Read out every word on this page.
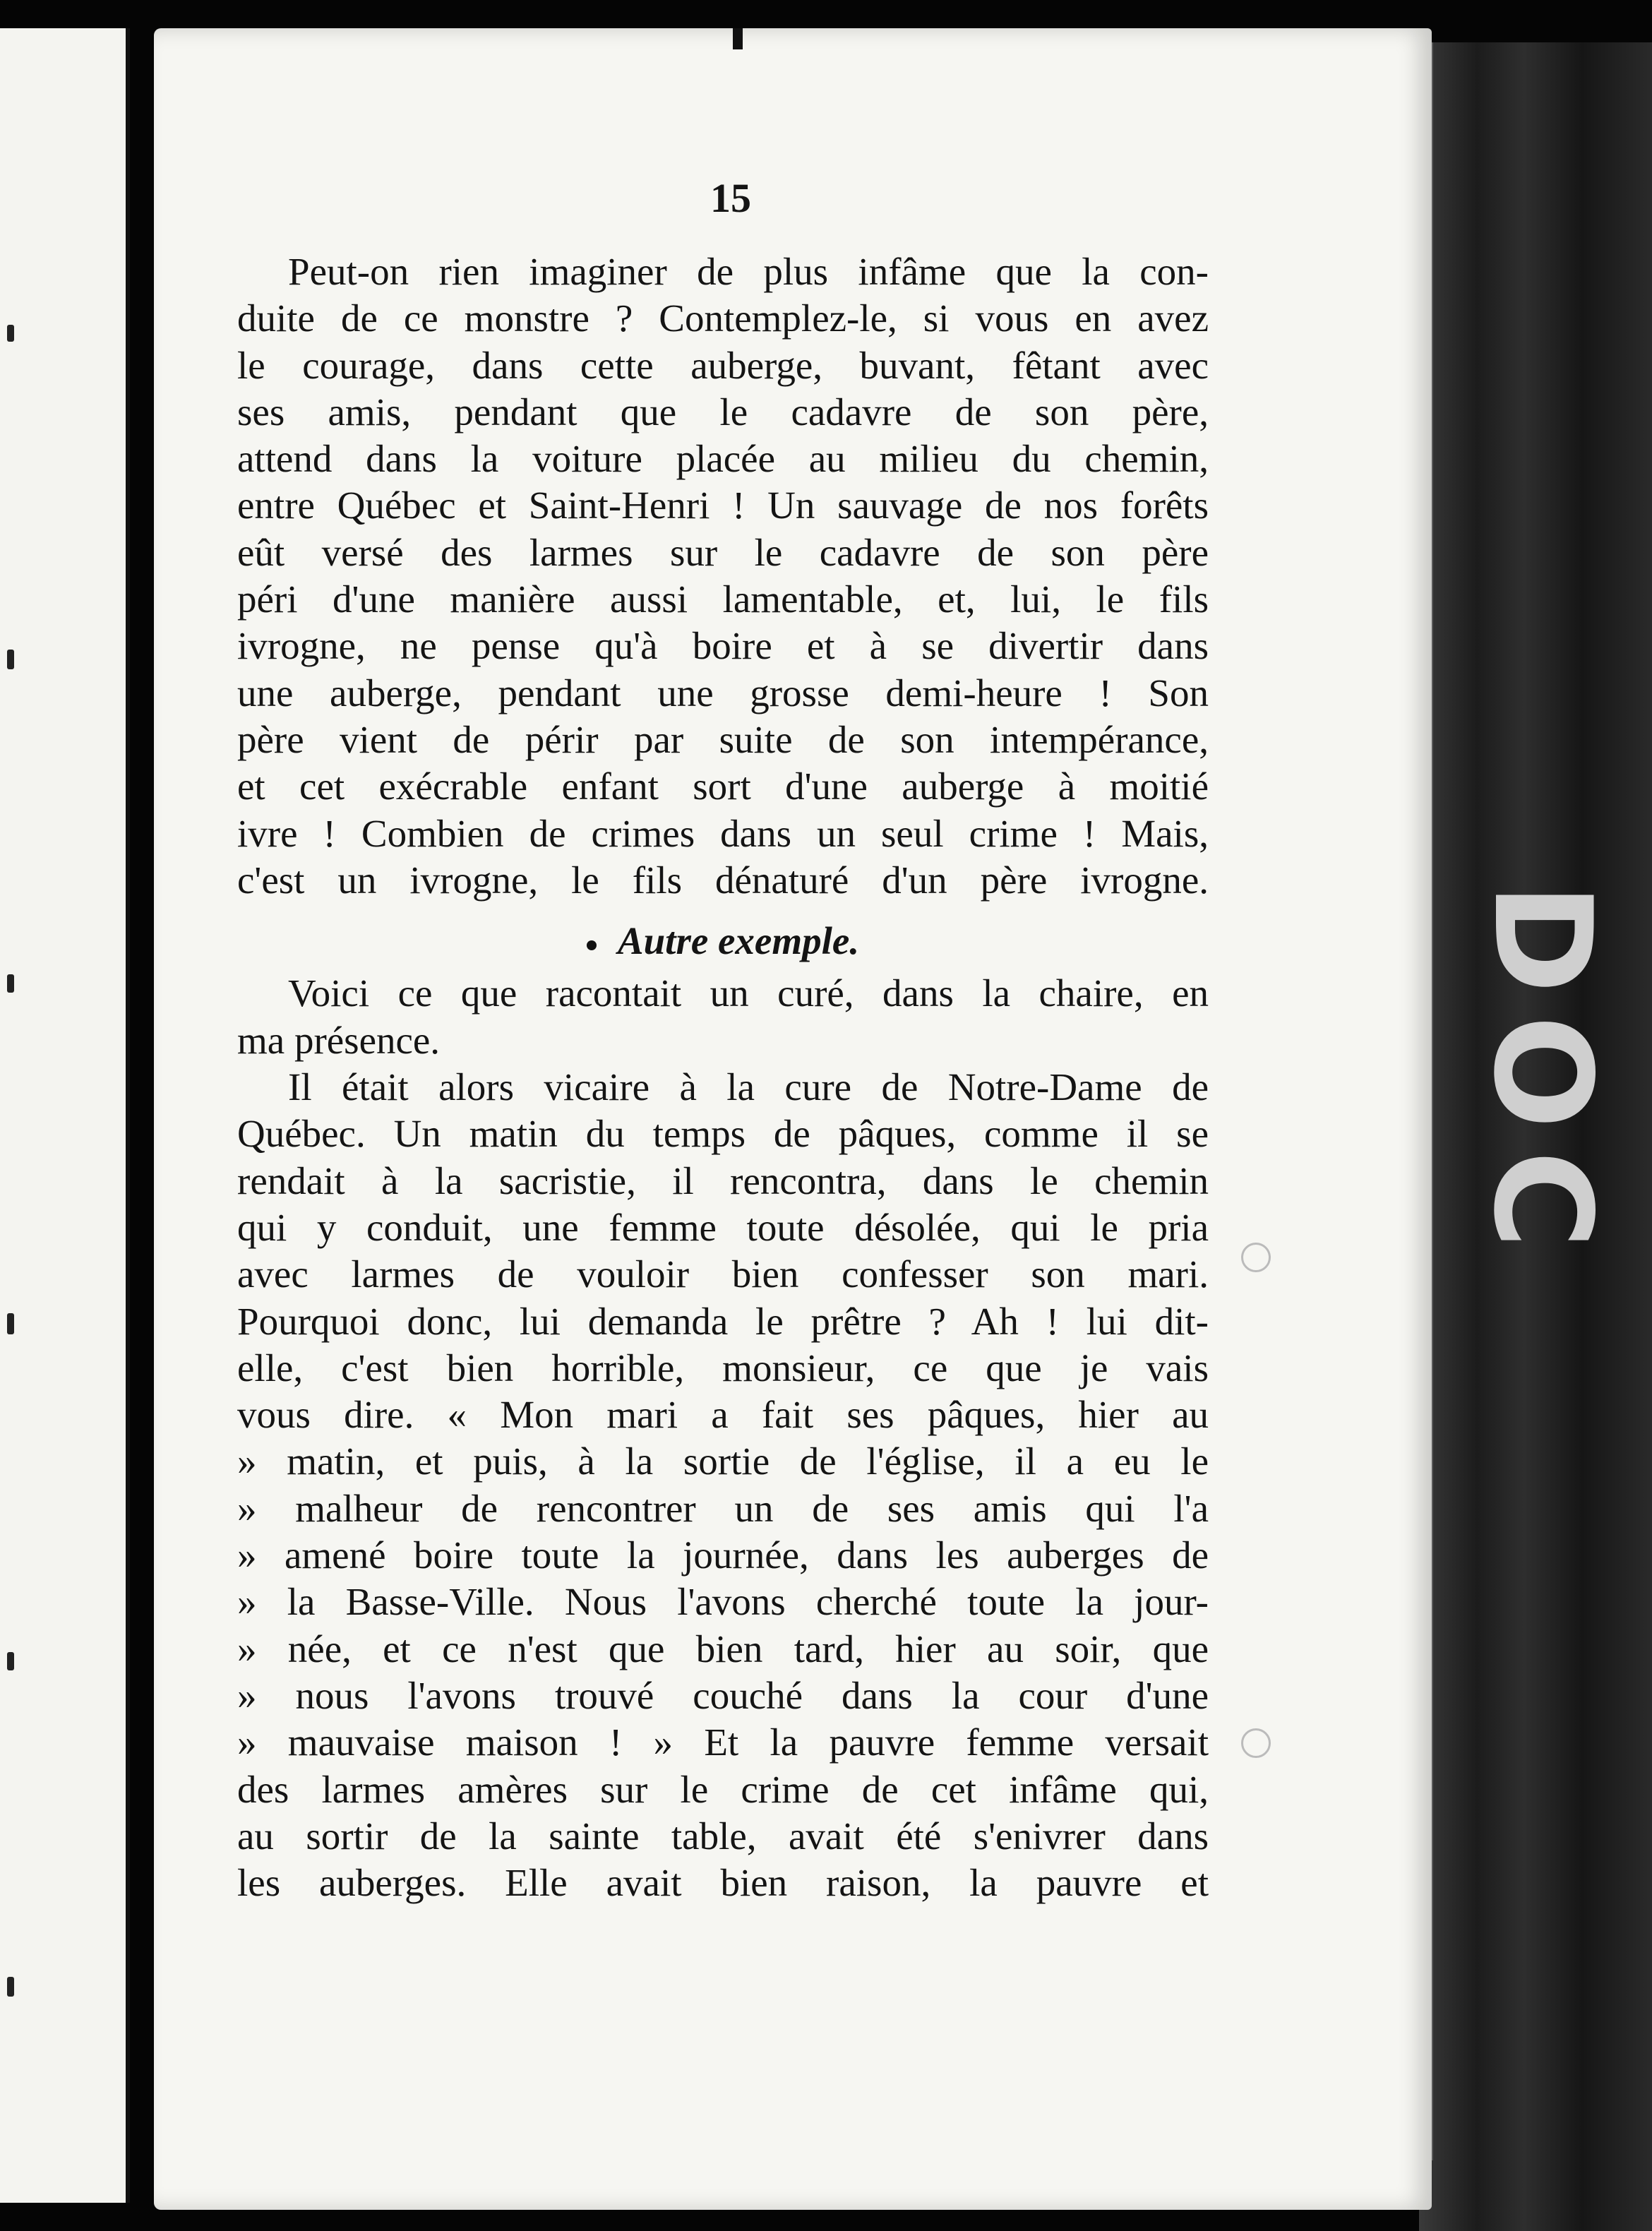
15
Peut-on rien imaginer de plus infâme que la con-
duite de ce monstre ? Contemplez-le, si vous en avez
le courage, dans cette auberge, buvant, fêtant avec
ses amis, pendant que le cadavre de son père,
attend dans la voiture placée au milieu du chemin,
entre Québec et Saint-Henri ! Un sauvage de nos forêts
eût versé des larmes sur le cadavre de son père
péri d'une manière aussi lamentable, et, lui, le fils
ivrogne, ne pense qu'à boire et à se divertir dans
une auberge, pendant une grosse demi-heure ! Son
père vient de périr par suite de son intempérance,
et cet exécrable enfant sort d'une auberge à moitié
ivre ! Combien de crimes dans un seul crime ! Mais,
c'est un ivrogne, le fils dénaturé d'un père ivrogne.
Autre exemple.
Voici ce que racontait un curé, dans la chaire, en
ma présence.
Il était alors vicaire à la cure de Notre-Dame de
Québec. Un matin du temps de pâques, comme il se
rendait à la sacristie, il rencontra, dans le chemin
qui y conduit, une femme toute désolée, qui le pria
avec larmes de vouloir bien confesser son mari.
Pourquoi donc, lui demanda le prêtre ? Ah ! lui dit-
elle, c'est bien horrible, monsieur, ce que je vais
vous dire. « Mon mari a fait ses pâques, hier au
» matin, et puis, à la sortie de l'église, il a eu le
» malheur de rencontrer un de ses amis qui l'a
» amené boire toute la journée, dans les auberges de
» la Basse-Ville. Nous l'avons cherché toute la jour-
» née, et ce n'est que bien tard, hier au soir, que
» nous l'avons trouvé couché dans la cour d'une
» mauvaise maison ! » Et la pauvre femme versait
des larmes amères sur le crime de cet infâme qui,
au sortir de la sainte table, avait été s'enivrer dans
les auberges. Elle avait bien raison, la pauvre et
